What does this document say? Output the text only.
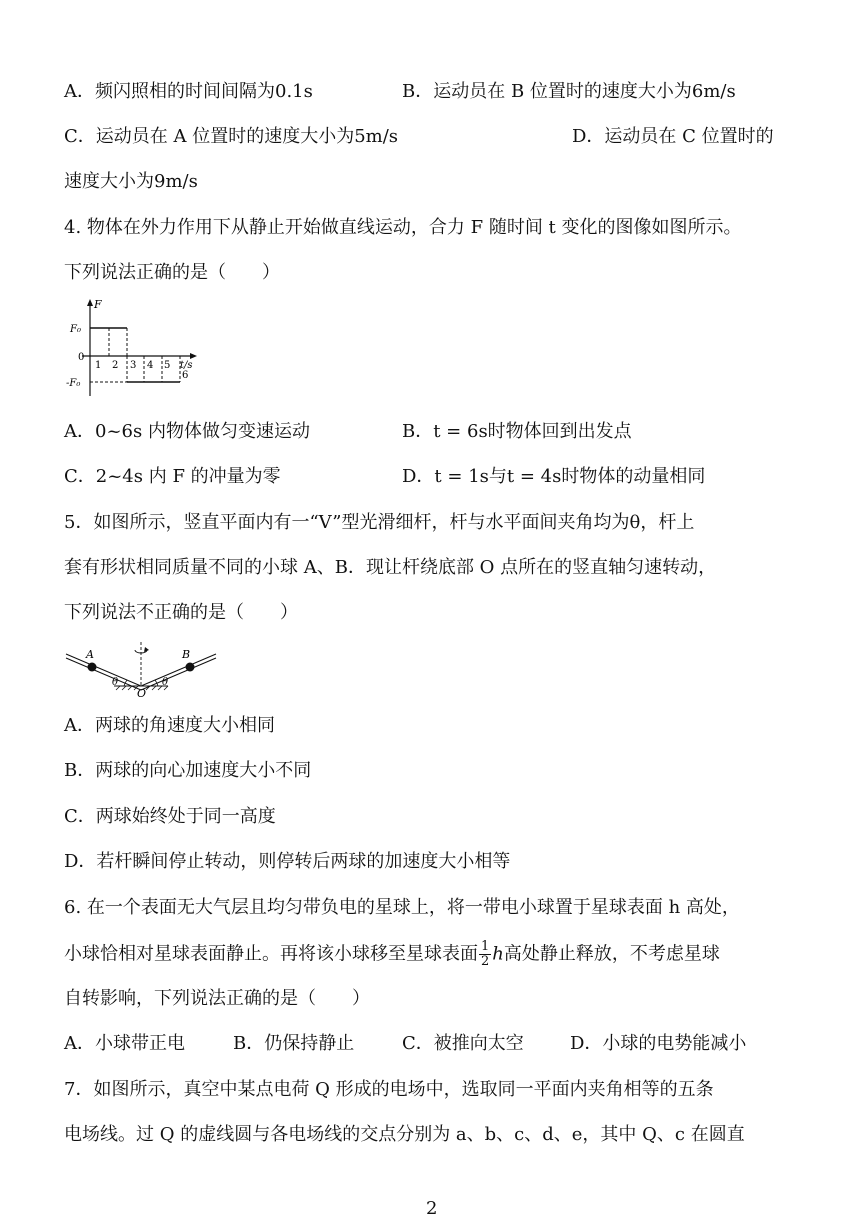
A．频闪照相的时间间隔为0.1s	B．运动员在 B 位置时的速度大小为6m/s
C．运动员在 A 位置时的速度大小为5m/s	D．运动员在 C 位置时的
速度大小为9m/s
4. 物体在外力作用下从静止开始做直线运动，合力 F 随时间 t 变化的图像如图所示。
下列说法正确的是（　　）
F
F₀
-F₀
0
t/s
1 2 3 4 5
6
A．0~6s 内物体做匀变速运动	B．t = 6s时物体回到出发点
C．2~4s 内 F 的冲量为零	D．t = 1s与t = 4s时物体的动量相同
5．如图所示，竖直平面内有一“V”型光滑细杆，杆与水平面间夹角均为θ，杆上
套有形状相同质量不同的小球 A、B．现让杆绕底部 O 点所在的竖直轴匀速转动，
下列说法不正确的是（　　）
A	B
O
θ	θ
A．两球的角速度大小相同
B．两球的向心加速度大小不同
C．两球始终处于同一高度
D．若杆瞬间停止转动，则停转后两球的加速度大小相等
6. 在一个表面无大气层且均匀带负电的星球上，将一带电小球置于星球表面 h 高处，
小球恰相对星球表面静止。再将该小球移至星球表面 $\frac{1}{2}$ h高处静止释放，不考虑星球
自转影响，下列说法正确的是（　　）
A．小球带正电	B．仍保持静止	C．被推向太空	D．小球的电势能减小
7．如图所示，真空中某点电荷 Q 形成的电场中，选取同一平面内夹角相等的五条
电场线。过 Q 的虚线圆与各电场线的交点分别为 a、b、c、d、e，其中 Q、c 在圆直
2
